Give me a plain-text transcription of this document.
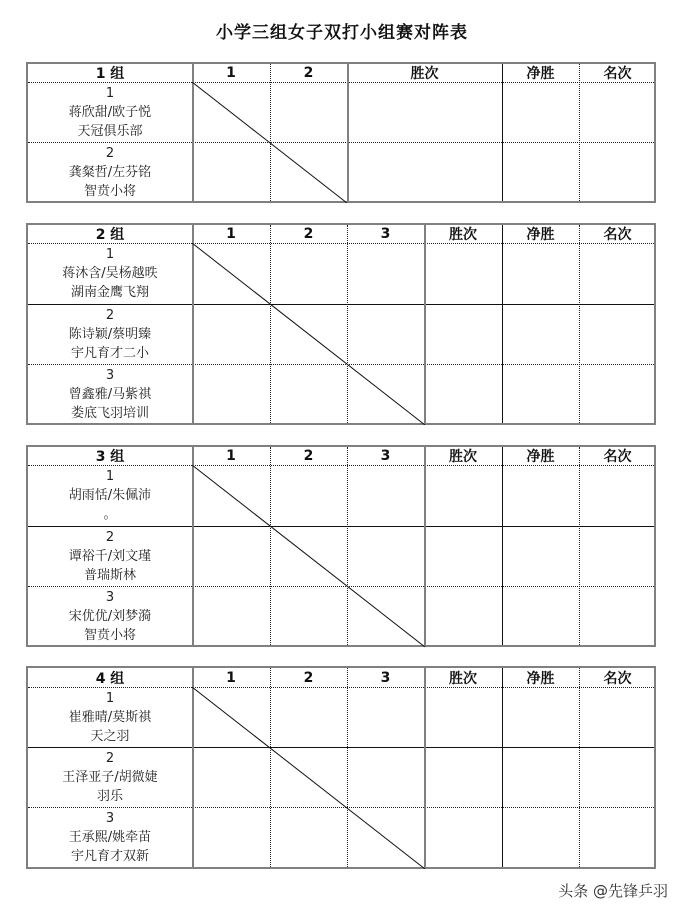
小学三组女子双打小组赛对阵表
1 组	1	2	胜次	净胜	名次
1
蒋欣甜/欧子悦
天冠俱乐部
2
龚粲哲/左芬铭
智贲小将
2 组	1	2	3	胜次	净胜	名次
1
蒋沐含/吴杨越昳
湖南金鹰飞翔
2
陈诗颖/蔡明臻
宇凡育才二小
3
曾鑫雅/马紫祺
娄底飞羽培训
3 组	1	2	3	胜次	净胜	名次
1
胡雨恬/朱佩沛
。
2
谭裕千/刘文瑾
普瑞斯林
3
宋优优/刘梦漪
智贲小将
4 组	1	2	3	胜次	净胜	名次
1
崔雅晴/莫斯祺
天之羽
2
王泽亚子/胡微婕
羽乐
3
王承熙/姚牵苗
宇凡育才双新
头条 @先锋乒羽
